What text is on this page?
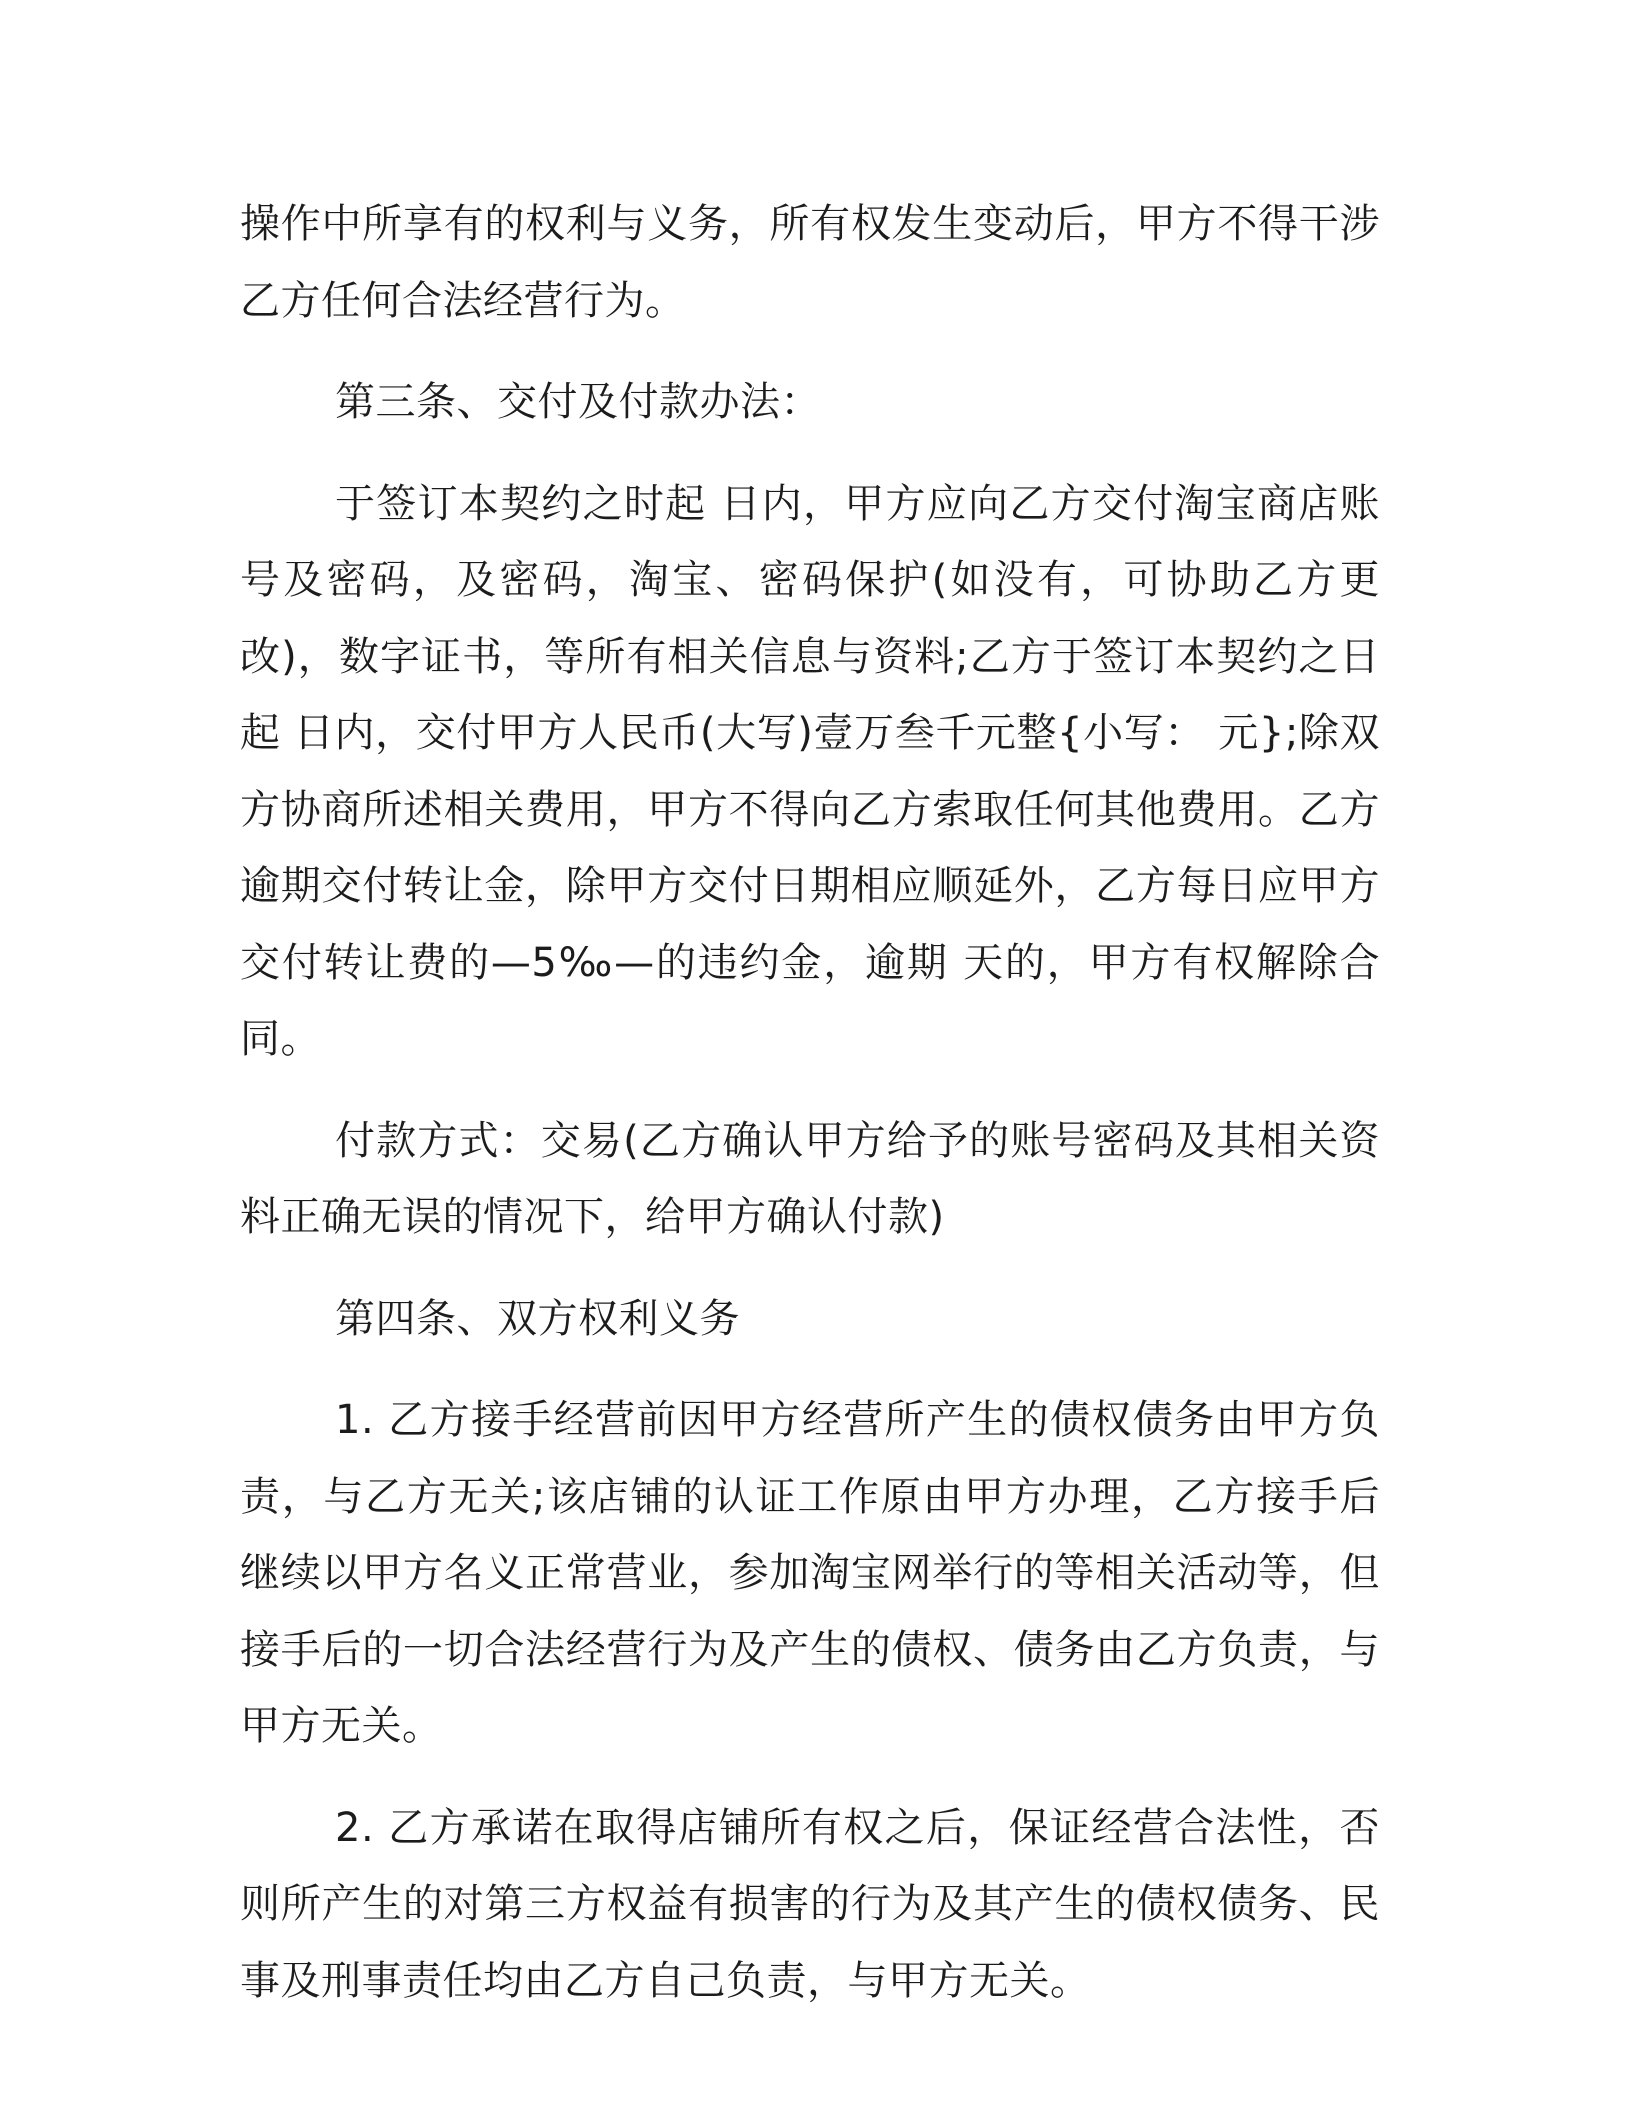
操作中所享有的权利与义务，所有权发生变动后，甲方不得干涉乙方任何合法经营行为。

第三条、交付及付款办法：

于签订本契约之时起 日内，甲方应向乙方交付淘宝商店账号及密码，及密码，淘宝、密码保护(如没有，可协助乙方更改)，数字证书，等所有相关信息与资料;乙方于签订本契约之日起 日内，交付甲方人民币(大写)壹万叁千元整{小写： 元};除双方协商所述相关费用，甲方不得向乙方索取任何其他费用。乙方逾期交付转让金，除甲方交付日期相应顺延外，乙方每日应甲方交付转让费的—5‰—的违约金，逾期 天的，甲方有权解除合同。

付款方式：交易(乙方确认甲方给予的账号密码及其相关资料正确无误的情况下，给甲方确认付款)

第四条、双方权利义务

1. 乙方接手经营前因甲方经营所产生的债权债务由甲方负责，与乙方无关;该店铺的认证工作原由甲方办理，乙方接手后继续以甲方名义正常营业，参加淘宝网举行的等相关活动等，但接手后的一切合法经营行为及产生的债权、债务由乙方负责，与甲方无关。

2. 乙方承诺在取得店铺所有权之后，保证经营合法性，否则所产生的对第三方权益有损害的行为及其产生的债权债务、民事及刑事责任均由乙方自己负责，与甲方无关。
